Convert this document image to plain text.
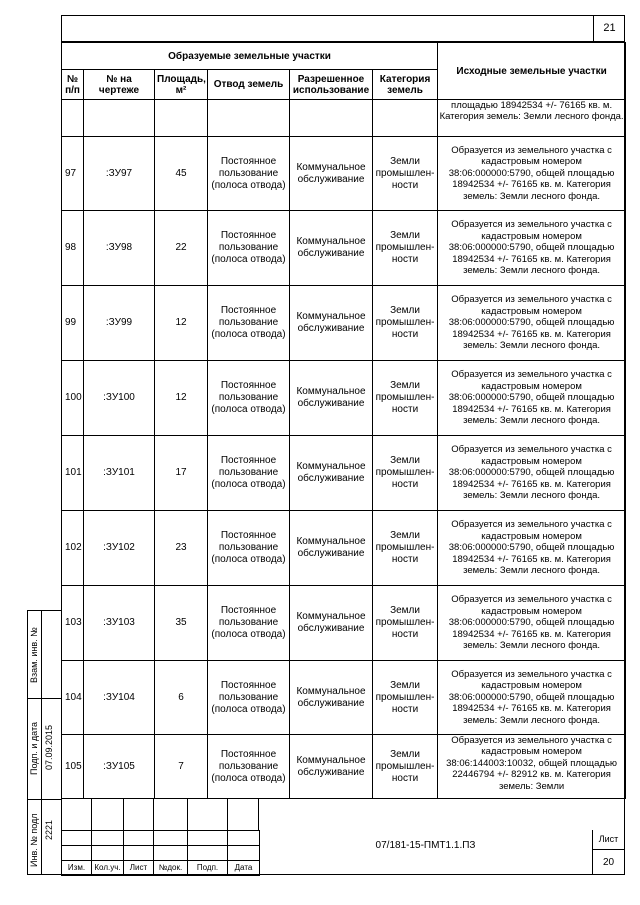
21
Образуемые земельные участки						Исходные земельные участки
№ п/п	№ на чертеже	Площадь, м²	Отвод земель	Разрешенное использование	Категория земель	
						площадью 18942534 +/- 76165 кв. м. Категория земель: Земли лесного фонда.
97	:ЗУ97	45	Постоянное пользование (полоса отвода)	Коммунальное обслуживание	Земли промышлен-ности	Образуется из земельного участка с кадастровым номером 38:06:000000:5790, общей площадью 18942534 +/- 76165 кв. м. Категория земель: Земли лесного фонда.
98	:ЗУ98	22	Постоянное пользование (полоса отвода)	Коммунальное обслуживание	Земли промышлен-ности	Образуется из земельного участка с кадастровым номером 38:06:000000:5790, общей площадью 18942534 +/- 76165 кв. м. Категория земель: Земли лесного фонда.
99	:ЗУ99	12	Постоянное пользование (полоса отвода)	Коммунальное обслуживание	Земли промышлен-ности	Образуется из земельного участка с кадастровым номером 38:06:000000:5790, общей площадью 18942534 +/- 76165 кв. м. Категория земель: Земли лесного фонда.
100	:ЗУ100	12	Постоянное пользование (полоса отвода)	Коммунальное обслуживание	Земли промышлен-ности	Образуется из земельного участка с кадастровым номером 38:06:000000:5790, общей площадью 18942534 +/- 76165 кв. м. Категория земель: Земли лесного фонда.
101	:ЗУ101	17	Постоянное пользование (полоса отвода)	Коммунальное обслуживание	Земли промышлен-ности	Образуется из земельного участка с кадастровым номером 38:06:000000:5790, общей площадью 18942534 +/- 76165 кв. м. Категория земель: Земли лесного фонда.
102	:ЗУ102	23	Постоянное пользование (полоса отвода)	Коммунальное обслуживание	Земли промышлен-ности	Образуется из земельного участка с кадастровым номером 38:06:000000:5790, общей площадью 18942534 +/- 76165 кв. м. Категория земель: Земли лесного фонда.
103	:ЗУ103	35	Постоянное пользование (полоса отвода)	Коммунальное обслуживание	Земли промышлен-ности	Образуется из земельного участка с кадастровым номером 38:06:000000:5790, общей площадью 18942534 +/- 76165 кв. м. Категория земель: Земли лесного фонда.
104	:ЗУ104	6	Постоянное пользование (полоса отвода)	Коммунальное обслуживание	Земли промышлен-ности	Образуется из земельного участка с кадастровым номером 38:06:000000:5790, общей площадью 18942534 +/- 76165 кв. м. Категория земель: Земли лесного фонда.
105	:ЗУ105	7	Постоянное пользование (полоса отвода)	Коммунальное обслуживание	Земли промышлен-ности	Образуется из земельного участка с кадастровым номером 38:06:144003:10032, общей площадью 22446794 +/- 82912 кв. м. Категория земель: Земли
Взам. инв. №
Подп. и дата 07.09.2015
Инв. № подл 2221

Изм.	Кол.уч.	Лист	№док.	Подп.	Дата
07/181-15-ПМТ1.1.ПЗ
Лист
20
